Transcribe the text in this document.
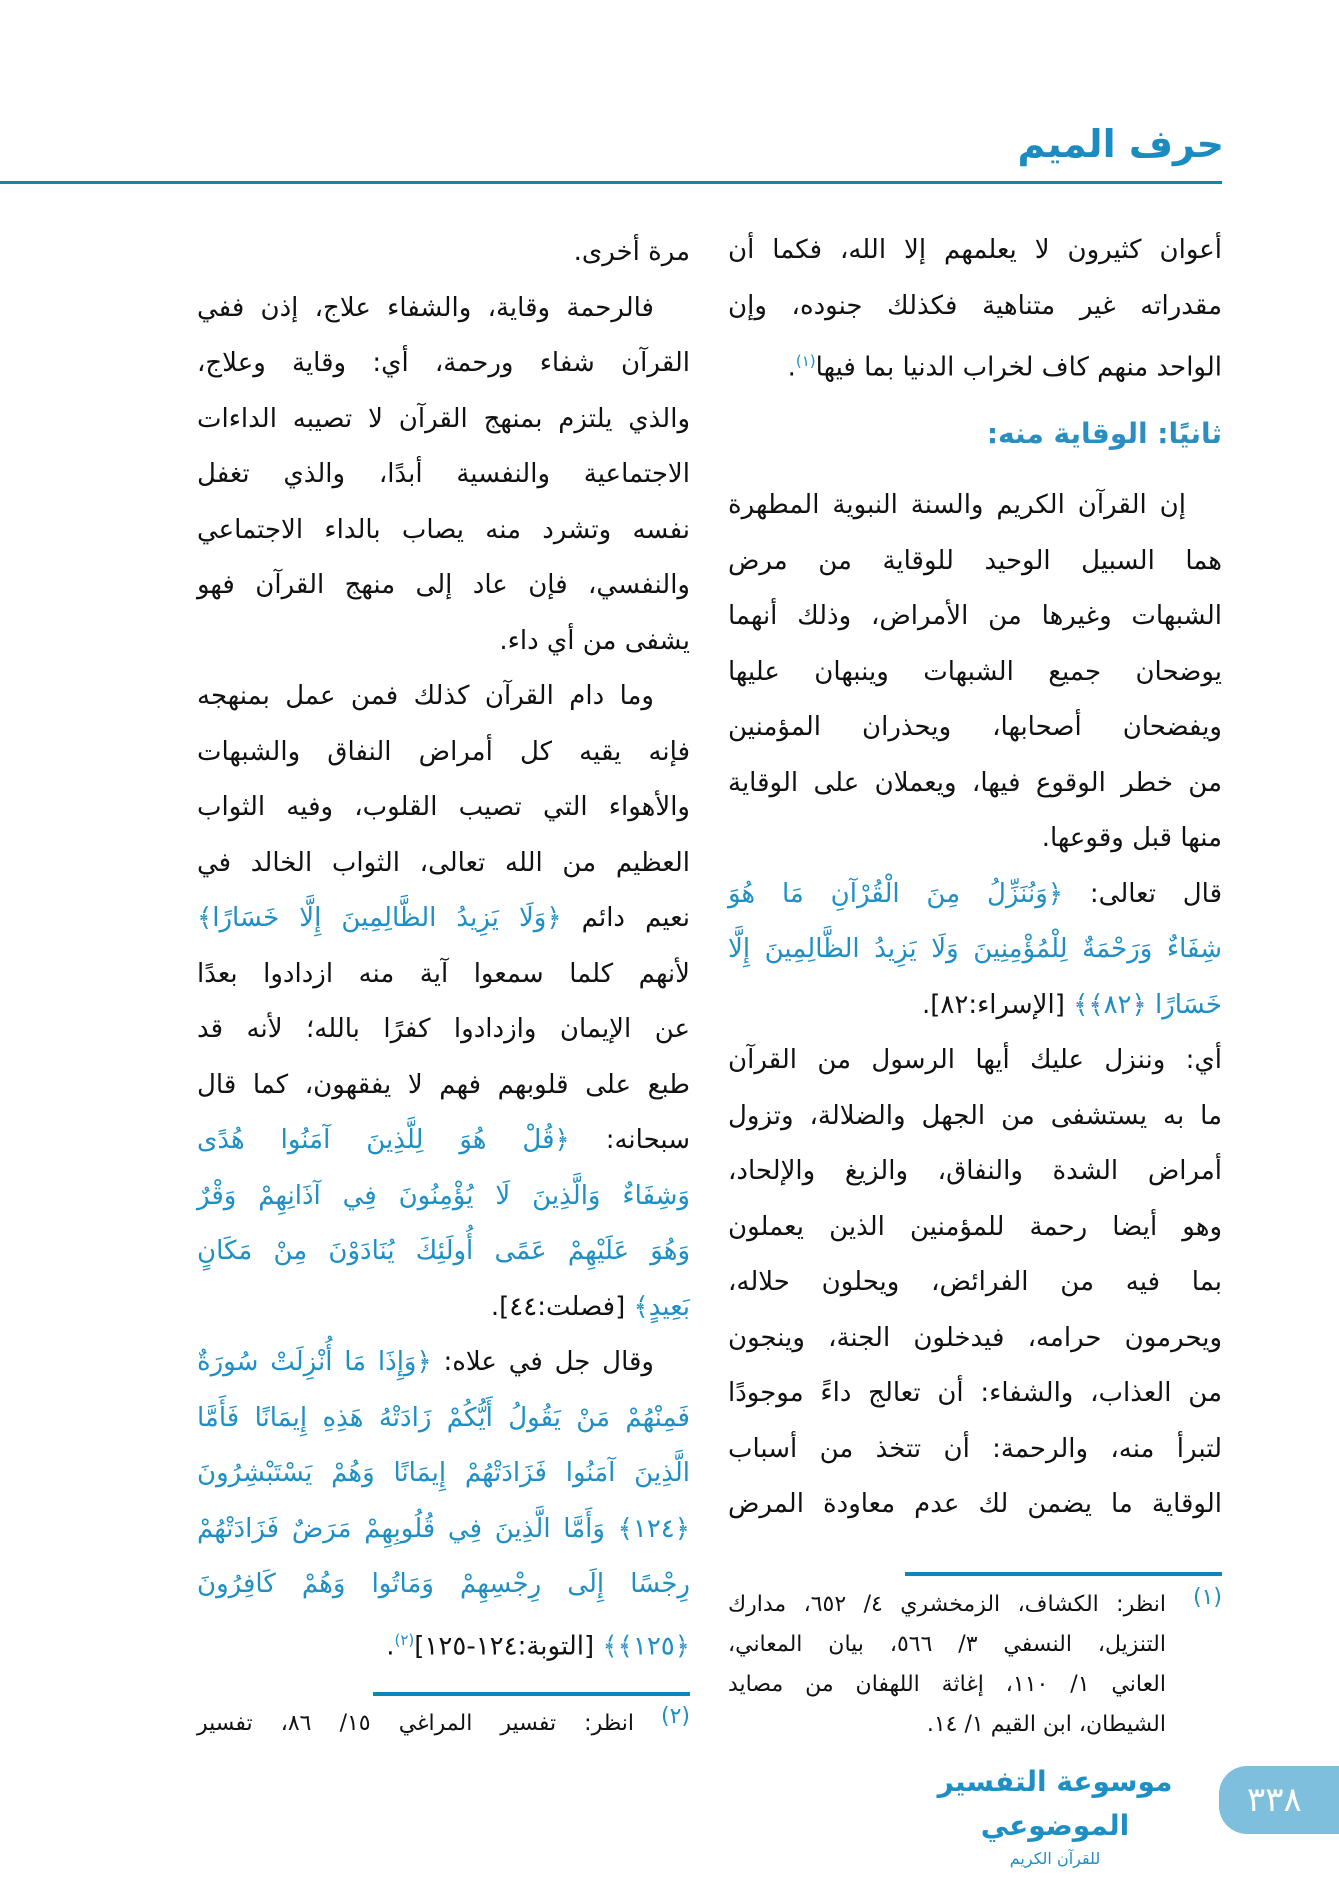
حرف الميم
أعوان كثيرون لا يعلمهم إلا الله، فكما أن
مقدراته غير متناهية فكذلك جنوده، وإن
الواحد منهم كاف لخراب الدنيا بما فيها$^{(١)}$.
ثانيًا: الوقاية منه:
إن القرآن الكريم والسنة النبوية المطهرة
هما السبيل الوحيد للوقاية من مرض
الشبهات وغيرها من الأمراض، وذلك أنهما
يوضحان جميع الشبهات وينبهان عليها
ويفضحان أصحابها، ويحذران المؤمنين
من خطر الوقوع فيها، ويعملان على الوقاية
منها قبل وقوعها.
قال تعالى: ﴿وَنُنَزِّلُ مِنَ الْقُرْآنِ مَا هُوَ
شِفَاءٌ وَرَحْمَةٌ لِلْمُؤْمِنِينَ وَلَا يَزِيدُ الظَّالِمِينَ إِلَّا
خَسَارًا ﴿٨٢﴾﴾ [الإسراء:٨٢].
أي: وننزل عليك أيها الرسول من القرآن
ما به يستشفى من الجهل والضلالة، وتزول
أمراض الشدة والنفاق، والزيغ والإلحاد،
وهو أيضا رحمة للمؤمنين الذين يعملون
بما فيه من الفرائض، ويحلون حلاله،
ويحرمون حرامه، فيدخلون الجنة، وينجون
من العذاب، والشفاء: أن تعالج داءً موجودًا
لتبرأ منه، والرحمة: أن تتخذ من أسباب
الوقاية ما يضمن لك عدم معاودة المرض
مرة أخرى.
فالرحمة وقاية، والشفاء علاج، إذن ففي
القرآن شفاء ورحمة، أي: وقاية وعلاج،
والذي يلتزم بمنهج القرآن لا تصيبه الداءات
الاجتماعية والنفسية أبدًا، والذي تغفل
نفسه وتشرد منه يصاب بالداء الاجتماعي
والنفسي، فإن عاد إلى منهج القرآن فهو
يشفى من أي داء.
وما دام القرآن كذلك فمن عمل بمنهجه
فإنه يقيه كل أمراض النفاق والشبهات
والأهواء التي تصيب القلوب، وفيه الثواب
العظيم من الله تعالى، الثواب الخالد في
نعيم دائم ﴿وَلَا يَزِيدُ الظَّالِمِينَ إِلَّا خَسَارًا﴾
لأنهم كلما سمعوا آية منه ازدادوا بعدًا
عن الإيمان وازدادوا كفرًا بالله؛ لأنه قد
طبع على قلوبهم فهم لا يفقهون، كما قال
سبحانه: ﴿قُلْ هُوَ لِلَّذِينَ آمَنُوا هُدًى
وَشِفَاءٌ وَالَّذِينَ لَا يُؤْمِنُونَ فِي آذَانِهِمْ وَقْرٌ
وَهُوَ عَلَيْهِمْ عَمًى أُولَئِكَ يُنَادَوْنَ مِنْ مَكَانٍ
بَعِيدٍ﴾ [فصلت:٤٤].
وقال جل في علاه: ﴿وَإِذَا مَا أُنْزِلَتْ سُورَةٌ
فَمِنْهُمْ مَنْ يَقُولُ أَيُّكُمْ زَادَتْهُ هَذِهِ إِيمَانًا فَأَمَّا
الَّذِينَ آمَنُوا فَزَادَتْهُمْ إِيمَانًا وَهُمْ يَسْتَبْشِرُونَ
﴿١٢٤﴾ وَأَمَّا الَّذِينَ فِي قُلُوبِهِمْ مَرَضٌ فَزَادَتْهُمْ
رِجْسًا إِلَى رِجْسِهِمْ وَمَاتُوا وَهُمْ كَافِرُونَ
﴿١٢٥﴾﴾ [التوبة:١٢٤-١٢٥]$^{(٢)}$.
(١)
انظر: الكشاف، الزمخشري ٤/ ٦٥٢، مدارك
التنزيل، النسفي ٣/ ٥٦٦، بيان المعاني،
العاني ١/ ١١٠، إغاثة اللهفان من مصايد
الشيطان، ابن القيم ١/ ١٤.
(٢)
انظر: تفسير المراغي ١٥/ ٨٦، تفسير
موسوعة التفسير الموضوعي
للقرآن الكريم
٣٣٨
